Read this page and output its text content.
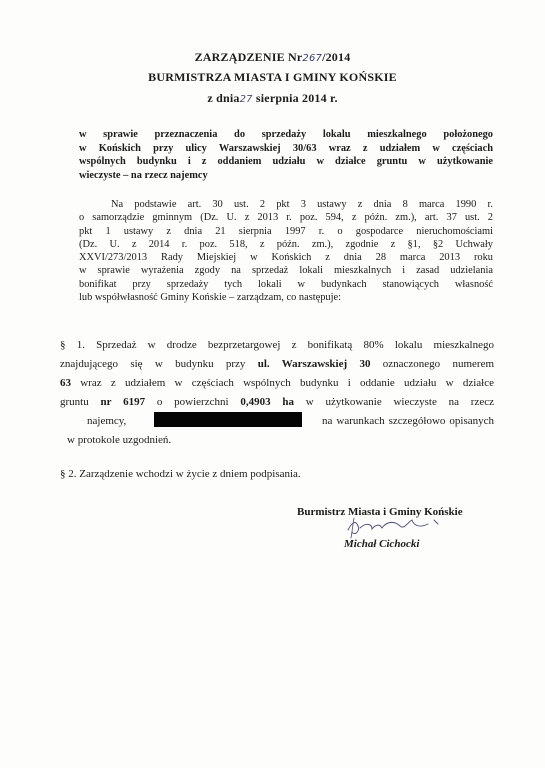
ZARZĄDZENIE Nr267/2014
BURMISTRZA MIASTA I GMINY KOŃSKIE
z dnia27 sierpnia 2014 r.
w sprawie przeznaczenia do sprzedaży lokalu mieszkalnego położonego
w Końskich przy ulicy Warszawskiej 30/63 wraz z udziałem w częściach
wspólnych budynku i z oddaniem udziału w działce gruntu w użytkowanie
wieczyste – na rzecz najemcy
Na podstawie art. 30 ust. 2 pkt 3 ustawy z dnia 8 marca 1990 r.
o samorządzie gminnym (Dz. U. z 2013 r. poz. 594, z późn. zm.), art. 37 ust. 2
pkt 1 ustawy z dnia 21 sierpnia 1997 r. o gospodarce nieruchomościami
(Dz. U. z 2014 r. poz. 518, z późn. zm.), zgodnie z §1, §2 Uchwały
XXVI/273/2013 Rady Miejskiej w Końskich z dnia 28 marca 2013 roku
w sprawie wyrażenia zgody na sprzedaż lokali mieszkalnych i zasad udzielania
bonifikat przy sprzedaży tych lokali w budynkach stanowiących własność
lub współwłasność Gminy Końskie – zarządzam, co następuje:
§ 1. Sprzedaż w drodze bezprzetargowej z bonifikatą 80% lokalu mieszkalnego
znajdującego się w budynku przy ul. Warszawskiej 30 oznaczonego numerem
63 wraz z udziałem w częściach wspólnych budynku i oddanie udziału w działce
gruntu nr 6197 o powierzchni 0,4903 ha w użytkowanie wieczyste na rzecz
najemcy,	na warunkach szczegółowo opisanych
w protokole uzgodnień.
§ 2. Zarządzenie wchodzi w życie z dniem podpisania.
Burmistrz Miasta i Gminy Końskie
Michał Cichocki
